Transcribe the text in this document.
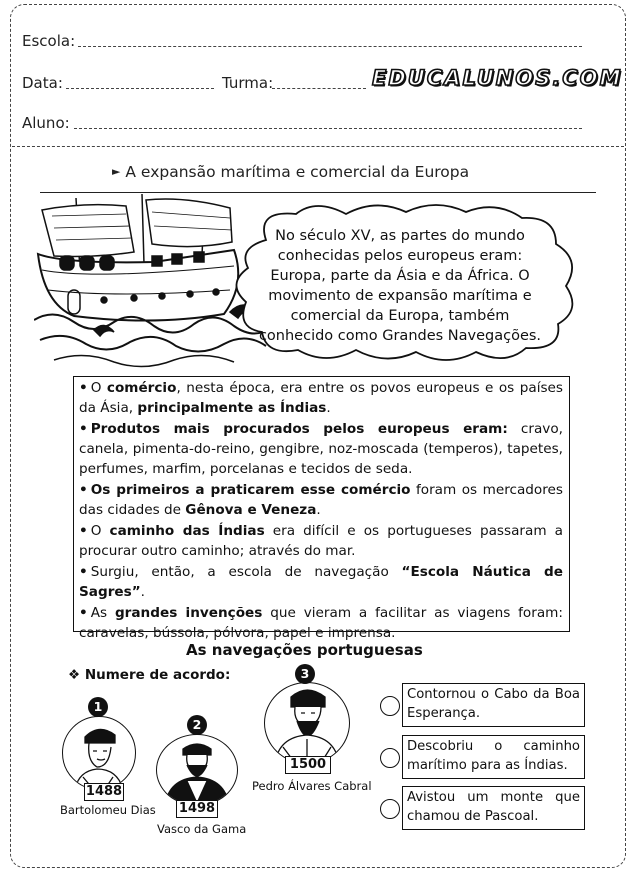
Escola:
Data:	Turma:	EDUCALUNOS.COM
Aluno:
► A expansão marítima e comercial da Europa
No século XV, as partes do mundo
conhecidas pelos europeus eram:
Europa, parte da Ásia e da África. O
movimento de expansão marítima e
comercial da Europa, também
conhecido como Grandes Navegações.

• O comércio, nesta época, era entre os povos europeus e os países da Ásia, principalmente as Índias.

• Produtos mais procurados pelos europeus eram: cravo, canela, pimenta-do-reino, gengibre, noz-moscada (temperos), tapetes, perfumes, marfim, porcelanas e tecidos de seda.

• Os primeiros a praticarem esse comércio foram os mercadores das cidades de Gênova e Veneza.

• O caminho das Índias era difícil e os portugueses passaram a procurar outro caminho; através do mar.

• Surgiu, então, a escola de navegação “Escola Náutica de Sagres”.

• As grandes invenções que vieram a facilitar as viagens foram: caravelas, bússola, pólvora, papel e imprensa.

As navegações portuguesas
❖ Numere de acordo:
1
1488
Bartolomeu Dias
2
1498
Vasco da Gama
3
1500
Pedro Álvares Cabral
Contornou o Cabo da Boa Esperança.
Descobriu o caminho marítimo para as Índias.
Avistou um monte que chamou de Pascoal.
